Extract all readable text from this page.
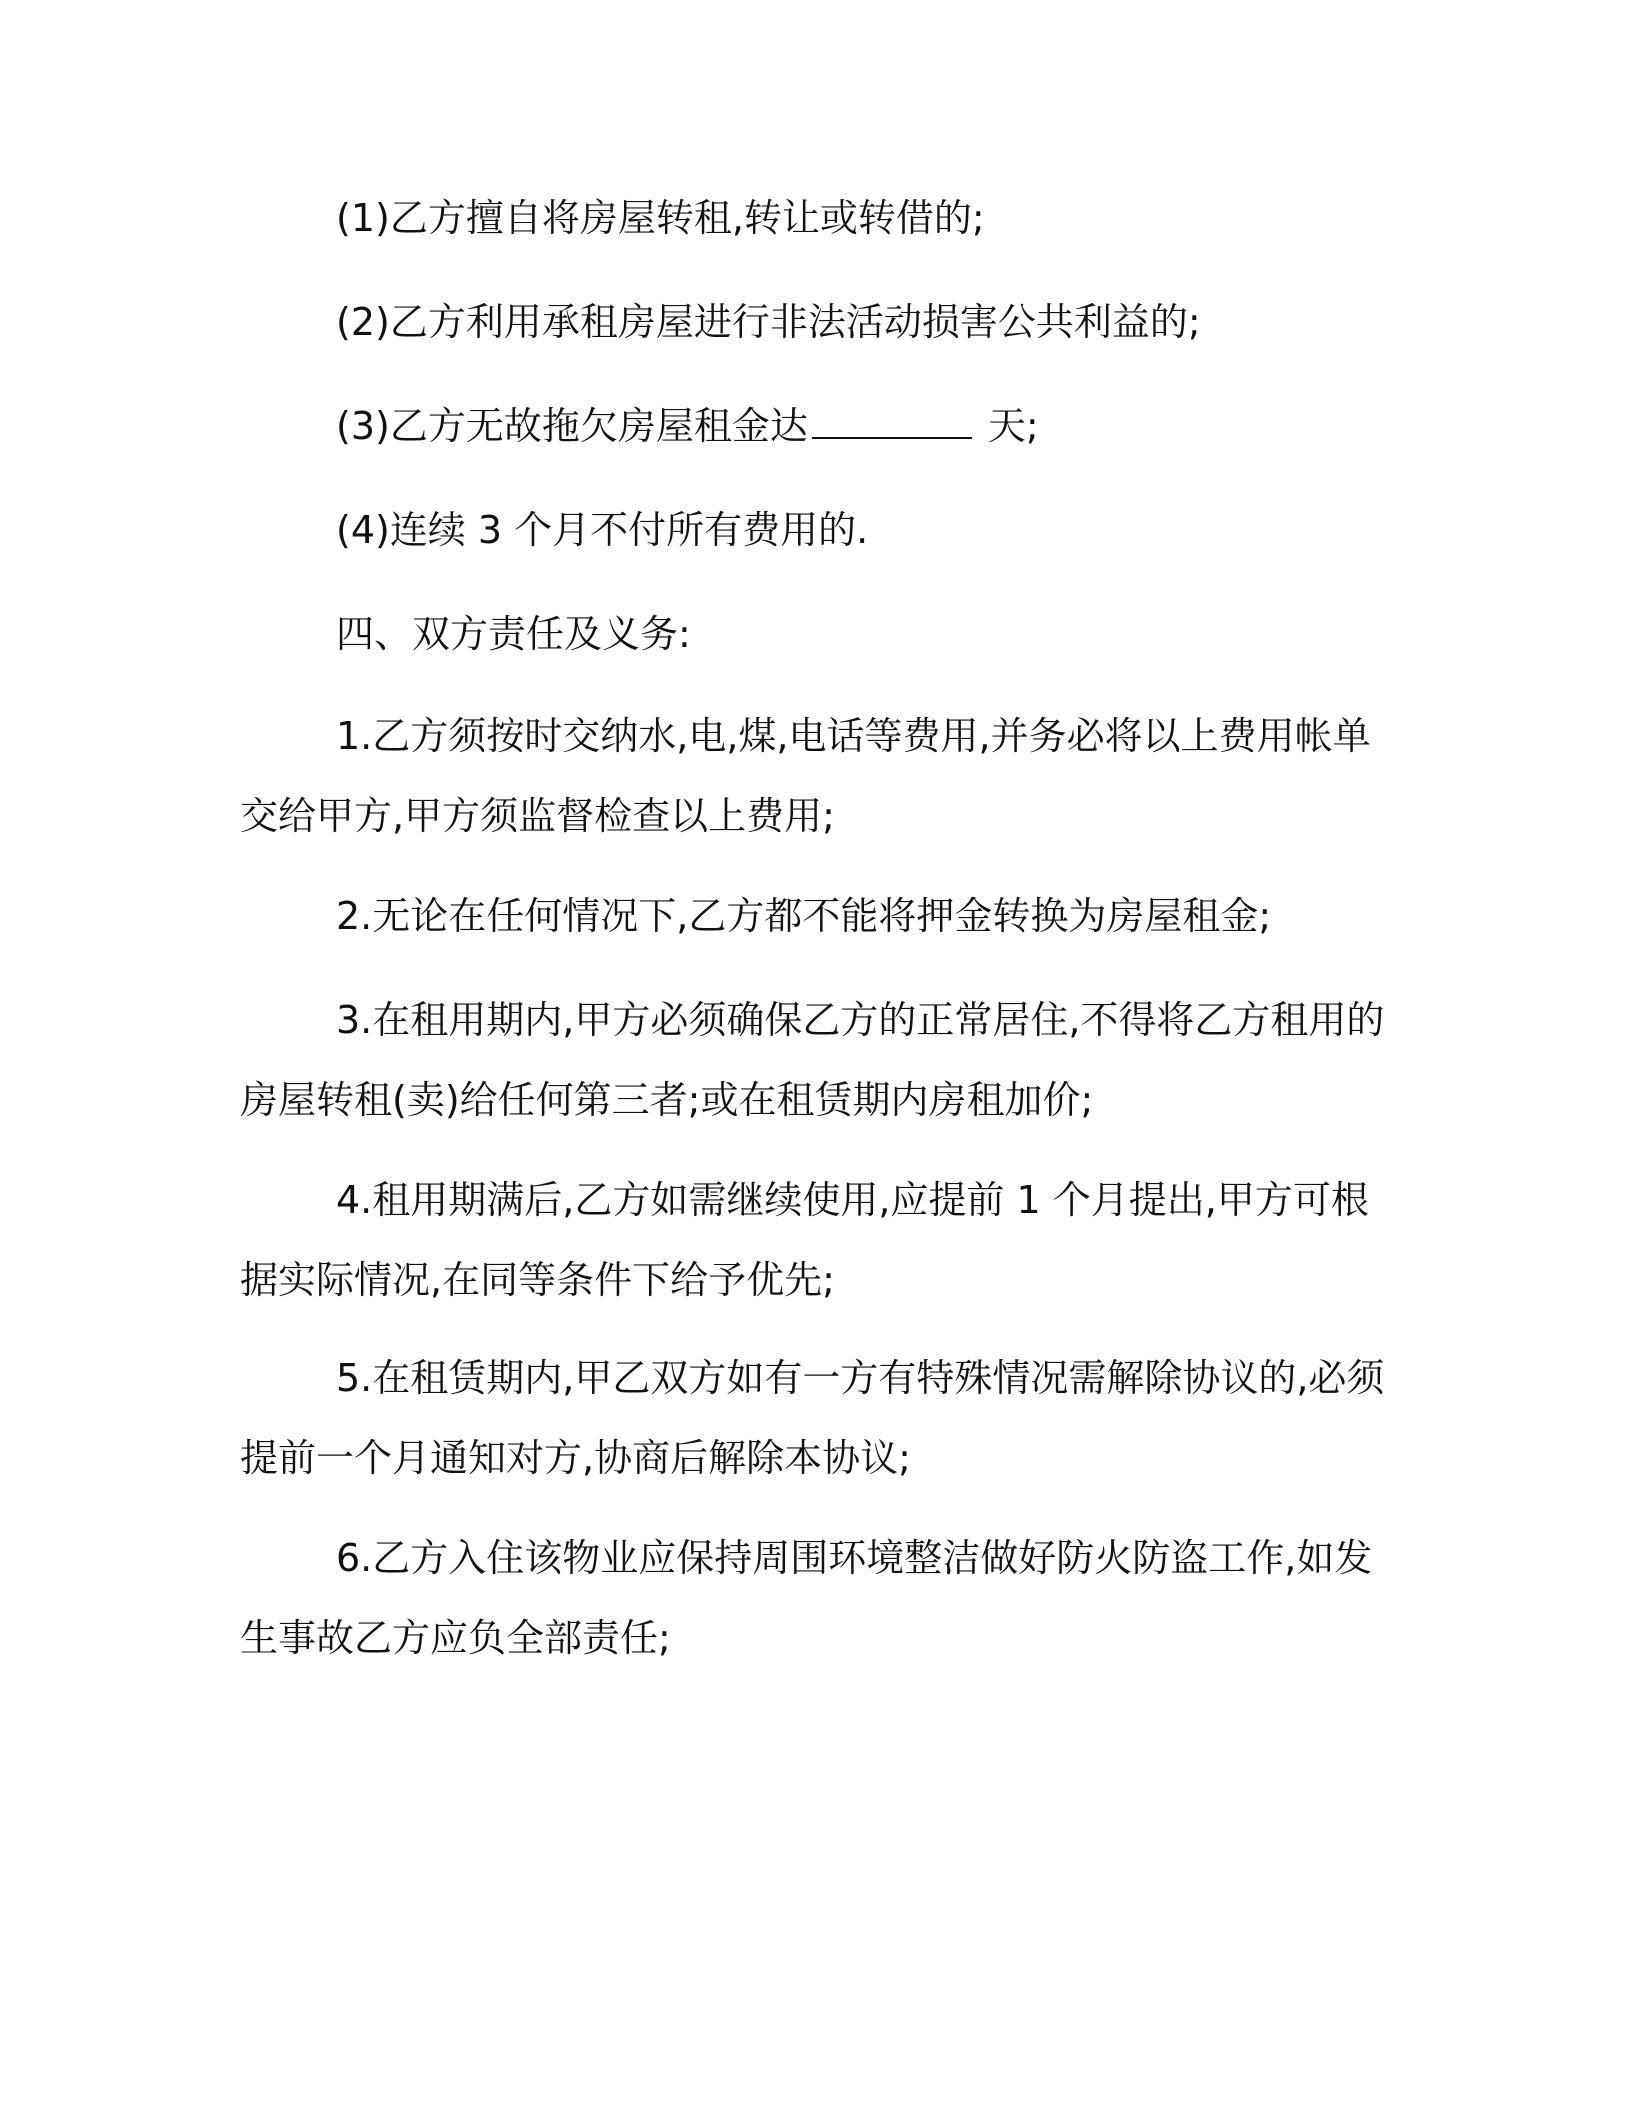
(1)乙方擅自将房屋转租,转让或转借的;

(2)乙方利用承租房屋进行非法活动损害公共利益的;

(3)乙方无故拖欠房屋租金达	天;

(4)连续 3 个月不付所有费用的.

四、双方责任及义务:

1.乙方须按时交纳水,电,煤,电话等费用,并务必将以上费用帐单交给甲方,甲方须监督检查以上费用;

2.无论在任何情况下,乙方都不能将押金转换为房屋租金;

3.在租用期内,甲方必须确保乙方的正常居住,不得将乙方租用的房屋转租(卖)给任何第三者;或在租赁期内房租加价;

4.租用期满后,乙方如需继续使用,应提前 1 个月提出,甲方可根据实际情况,在同等条件下给予优先;

5.在租赁期内,甲乙双方如有一方有特殊情况需解除协议的,必须提前一个月通知对方,协商后解除本协议;

6.乙方入住该物业应保持周围环境整洁做好防火防盗工作,如发生事故乙方应负全部责任;
